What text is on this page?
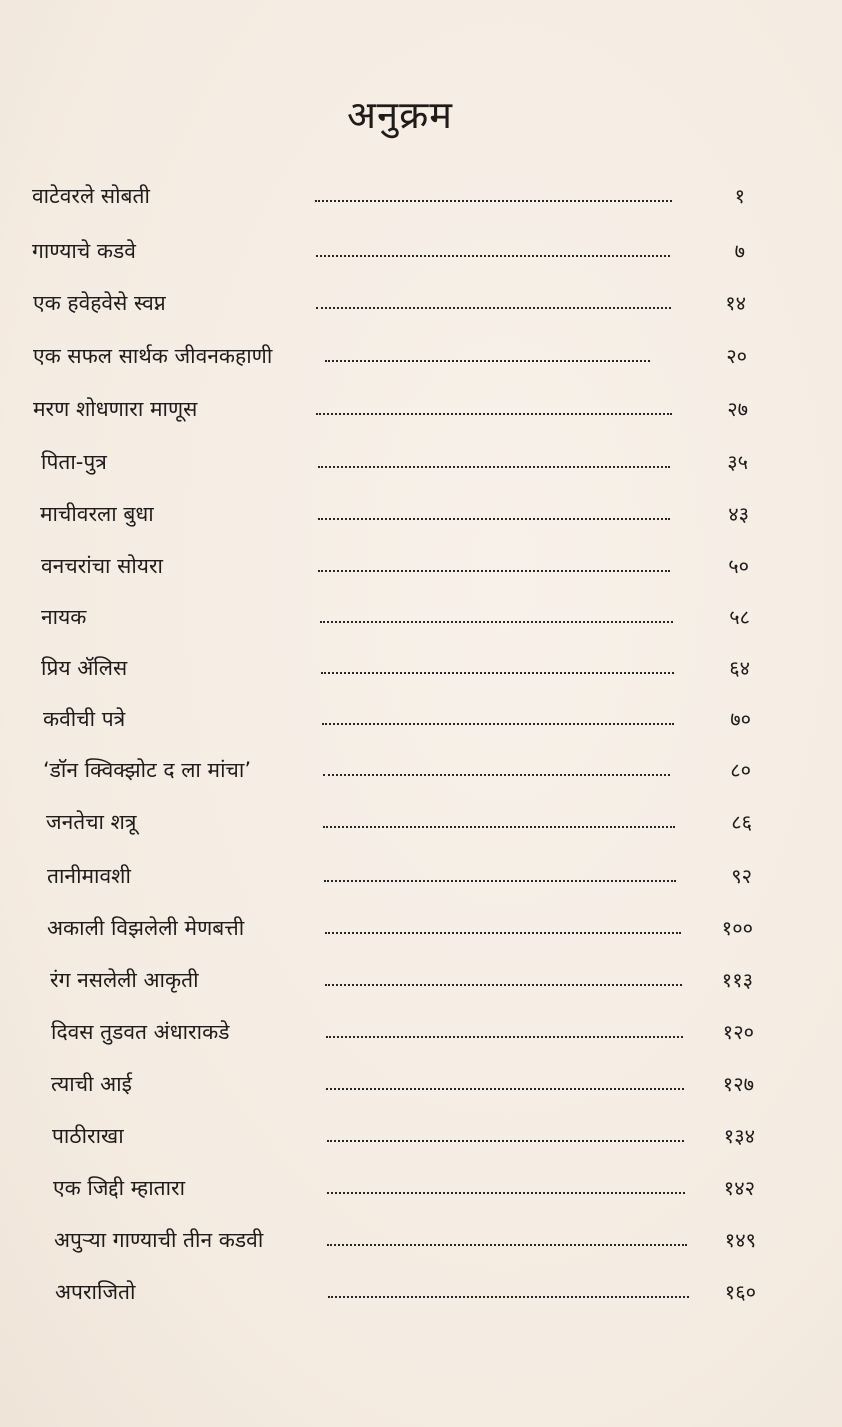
अनुक्रम
वाटेवरले सोबती	१
गाण्याचे कडवे	७
एक हवेहवेसे स्वप्न	१४
एक सफल सार्थक जीवनकहाणी	२०
मरण शोधणारा माणूस	२७
पिता-पुत्र	३५
माचीवरला बुधा	४३
वनचरांचा सोयरा	५०
नायक	५८
प्रिय ॲलिस	६४
कवीची पत्रे	७०
‘डॉन क्विक्झोट द ला मांचा’	८०
जनतेचा शत्रू	८६
तानीमावशी	९२
अकाली विझलेली मेणबत्ती	१००
रंग नसलेली आकृती	११३
दिवस तुडवत अंधाराकडे	१२०
त्याची आई	१२७
पाठीराखा	१३४
एक जिद्दी म्हातारा	१४२
अपुऱ्या गाण्याची तीन कडवी	१४९
अपराजितो	१६०
